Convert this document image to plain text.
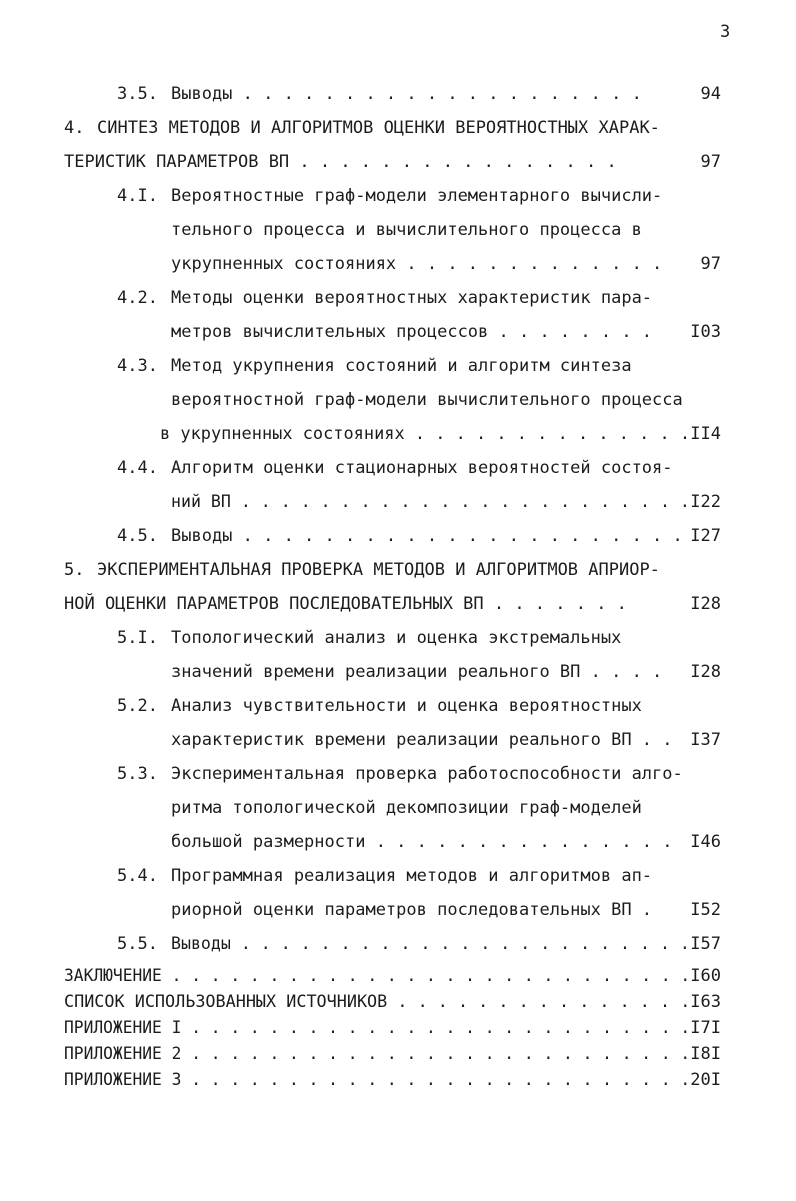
3
3.5. Выводы . . . . . . . . . . . . . . . . . . . .	94
4. СИНТЕЗ МЕТОДОВ И АЛГОРИТМОВ ОЦЕНКИ ВЕРОЯТНОСТНЫХ ХАРАК-
ТЕРИСТИК ПАРАМЕТРОВ ВП . . . . . . . . . . . . . . . .	97
4.I. Вероятностные граф-модели элементарного вычисли-
тельного процесса и вычислительного процесса в
укрупненных состояниях . . . . . . . . . . . . . 97
4.2. Методы оценки вероятностных характеристик пара-
метров вычислительных процессов . . . . . . . . I03
4.3. Метод укрупнения состояний и алгоритм синтеза
вероятностной граф-модели вычислительного процесса
в укрупненных состояниях . . . . . . . . . . . . . . II4
4.4. Алгоритм оценки стационарных вероятностей состоя-
ний ВП . . . . . . . . . . . . . . . . . . . . . . . I22
4.5. Выводы . . . . . . . . . . . . . . . . . . . . . . I27
5. ЭКСПЕРИМЕНТАЛЬНАЯ ПРОВЕРКА МЕТОДОВ И АЛГОРИТМОВ АПРИОР-
НОЙ ОЦЕНКИ ПАРАМЕТРОВ ПОСЛЕДОВАТЕЛЬНЫХ ВП . . . . . . .	I28
5.I. Топологический анализ и оценка экстремальных
значений времени реализации реального ВП . . . . I28
5.2. Анализ чувствительности и оценка вероятностных
характеристик времени реализации реального ВП . . I37
5.3. Экспериментальная проверка работоспособности алго-
ритма топологической декомпозиции граф-моделей
большой размерности . . . . . . . . . . . . . . . I46
5.4. Программная реализация методов и алгоритмов ап-
риорной оценки параметров последовательных ВП . I52
5.5. Выводы . . . . . . . . . . . . . . . . . . . . . . . I57
ЗАКЛЮЧЕНИЕ . . . . . . . . . . . . . . . . . . . . . . . . . . . I60
СПИСОК ИСПОЛЬЗОВАННЫХ ИСТОЧНИКОВ . . . . . . . . . . . . . . . I63
ПРИЛОЖЕНИЕ I . . . . . . . . . . . . . . . . . . . . . . . . . . I7I
ПРИЛОЖЕНИЕ 2 . . . . . . . . . . . . . . . . . . . . . . . . . . I8I
ПРИЛОЖЕНИЕ 3 . . . . . . . . . . . . . . . . . . . . . . . . . . 20I
